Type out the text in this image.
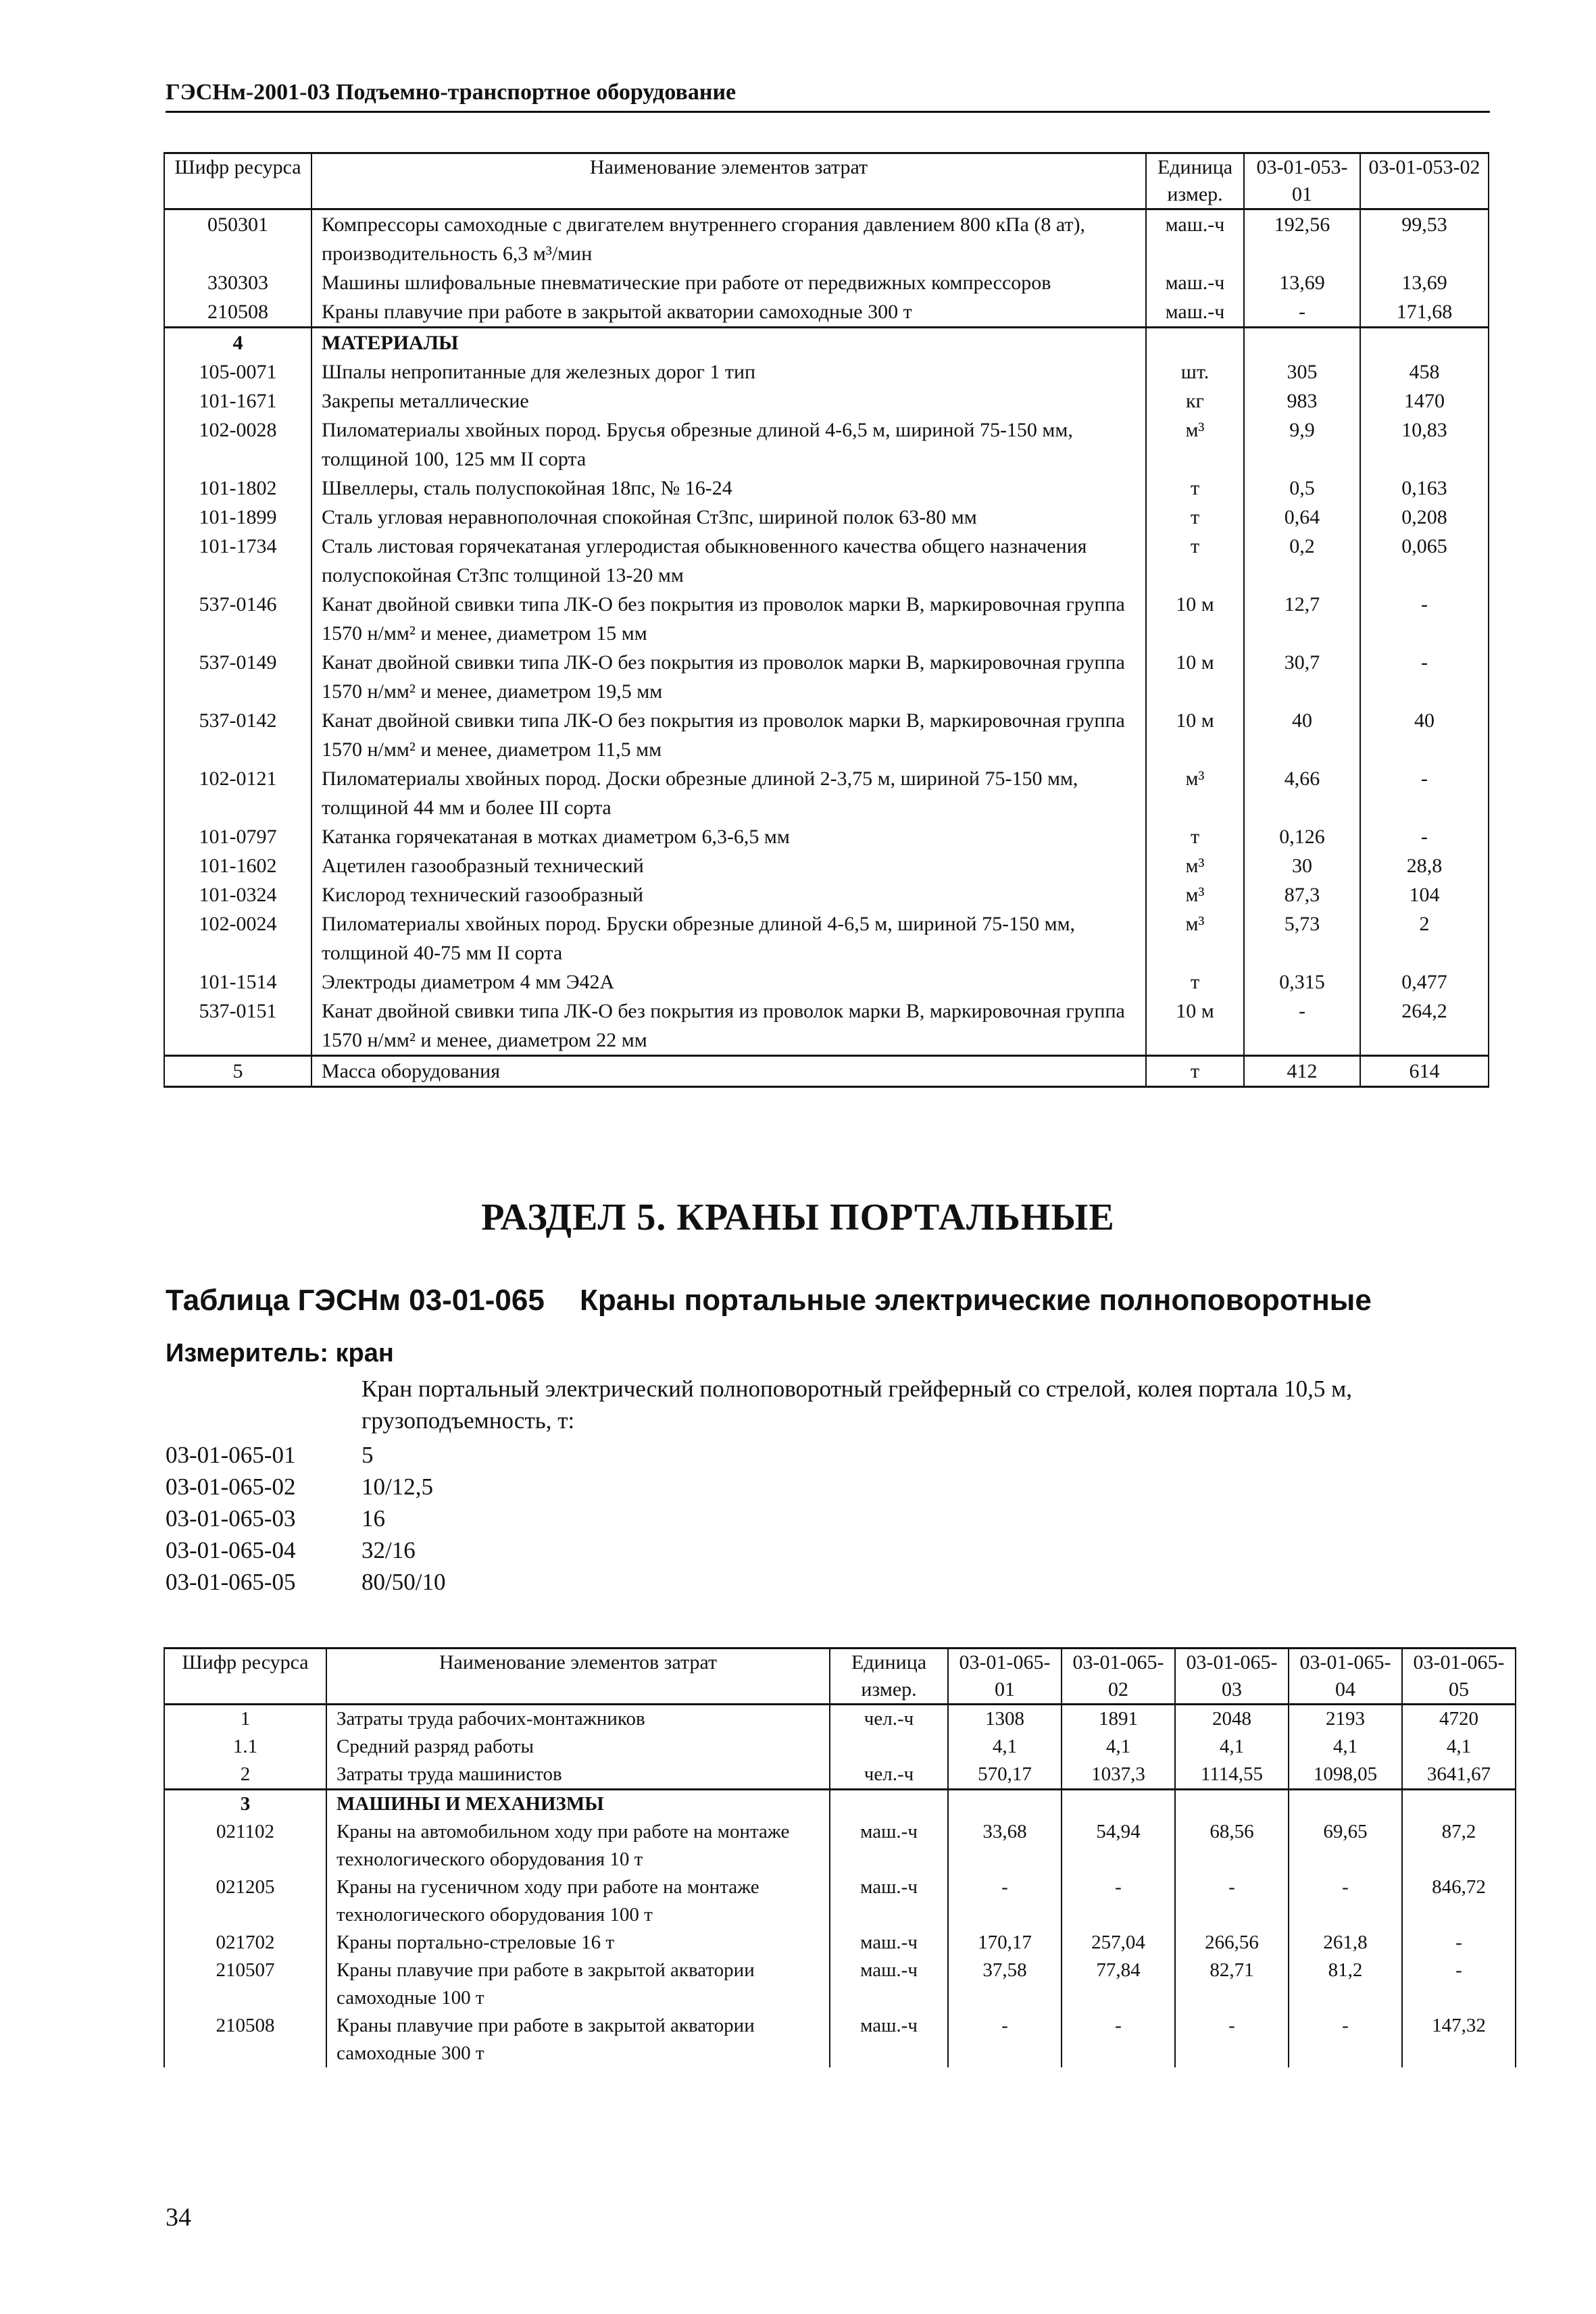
ГЭСНм-2001-03 Подъемно-транспортное оборудование
Шифр ресурса	Наименование элементов затрат	Единица измер.	03-01-053-01	03-01-053-02
050301	Компрессоры самоходные с двигателем внутреннего сгорания давлением 800 кПа (8 ат), производительность 6,3 м³/мин	маш.-ч	192,56	99,53
330303	Машины шлифовальные пневматические при работе от передвижных компрессоров	маш.-ч	13,69	13,69
210508	Краны плавучие при работе в закрытой акватории самоходные 300 т	маш.-ч	-	171,68
4	МАТЕРИАЛЫ			
105-0071	Шпалы непропитанные для железных дорог 1 тип	шт.	305	458
101-1671	Закрепы металлические	кг	983	1470
102-0028	Пиломатериалы хвойных пород. Брусья обрезные длиной 4-6,5 м, шириной 75-150 мм, толщиной 100, 125 мм II сорта	м³	9,9	10,83
101-1802	Швеллеры, сталь полуспокойная 18пс, № 16-24	т	0,5	0,163
101-1899	Сталь угловая неравнополочная спокойная Ст3пс, шириной полок 63-80 мм	т	0,64	0,208
101-1734	Сталь листовая горячекатаная углеродистая обыкновенного качества общего назначения полуспокойная Ст3пс толщиной 13-20 мм	т	0,2	0,065
537-0146	Канат двойной свивки типа ЛК-О без покрытия из проволок марки В, маркировочная группа 1570 н/мм² и менее, диаметром 15 мм	10 м	12,7	-
537-0149	Канат двойной свивки типа ЛК-О без покрытия из проволок марки В, маркировочная группа 1570 н/мм² и менее, диаметром 19,5 мм	10 м	30,7	-
537-0142	Канат двойной свивки типа ЛК-О без покрытия из проволок марки В, маркировочная группа 1570 н/мм² и менее, диаметром 11,5 мм	10 м	40	40
102-0121	Пиломатериалы хвойных пород. Доски обрезные длиной 2-3,75 м, шириной 75-150 мм, толщиной 44 мм и более III сорта	м³	4,66	-
101-0797	Катанка горячекатаная в мотках диаметром 6,3-6,5 мм	т	0,126	-
101-1602	Ацетилен газообразный технический	м³	30	28,8
101-0324	Кислород технический газообразный	м³	87,3	104
102-0024	Пиломатериалы хвойных пород. Бруски обрезные длиной 4-6,5 м, шириной 75-150 мм, толщиной 40-75 мм II сорта	м³	5,73	2
101-1514	Электроды диаметром 4 мм Э42А	т	0,315	0,477
537-0151	Канат двойной свивки типа ЛК-О без покрытия из проволок марки В, маркировочная группа 1570 н/мм² и менее, диаметром 22 мм	10 м	-	264,2
5	Масса оборудования	т	412	614
РАЗДЕЛ 5. КРАНЫ ПОРТАЛЬНЫЕ
Таблица ГЭСНм 03-01-065 Краны портальные электрические полноповоротные
Измеритель: кран
Кран портальный электрический полноповоротный грейферный со стрелой, колея портала 10,5 м, грузоподъемность, т:
03-01-065-01	5
03-01-065-02	10/12,5
03-01-065-03	16
03-01-065-04	32/16
03-01-065-05	80/50/10
Шифр ресурса	Наименование элементов затрат	Единица измер.	03-01-065-01	03-01-065-02	03-01-065-03	03-01-065-04	03-01-065-05
1	Затраты труда рабочих-монтажников	чел.-ч	1308	1891	2048	2193	4720
1.1	Средний разряд работы		4,1	4,1	4,1	4,1	4,1
2	Затраты труда машинистов	чел.-ч	570,17	1037,3	1114,55	1098,05	3641,67
3	МАШИНЫ И МЕХАНИЗМЫ						
021102	Краны на автомобильном ходу при работе на монтаже технологического оборудования 10 т	маш.-ч	33,68	54,94	68,56	69,65	87,2
021205	Краны на гусеничном ходу при работе на монтаже технологического оборудования 100 т	маш.-ч	-	-	-	-	846,72
021702	Краны портально-стреловые 16 т	маш.-ч	170,17	257,04	266,56	261,8	-
210507	Краны плавучие при работе в закрытой акватории самоходные 100 т	маш.-ч	37,58	77,84	82,71	81,2	-
210508	Краны плавучие при работе в закрытой акватории самоходные 300 т	маш.-ч	-	-	-	-	147,32
34
